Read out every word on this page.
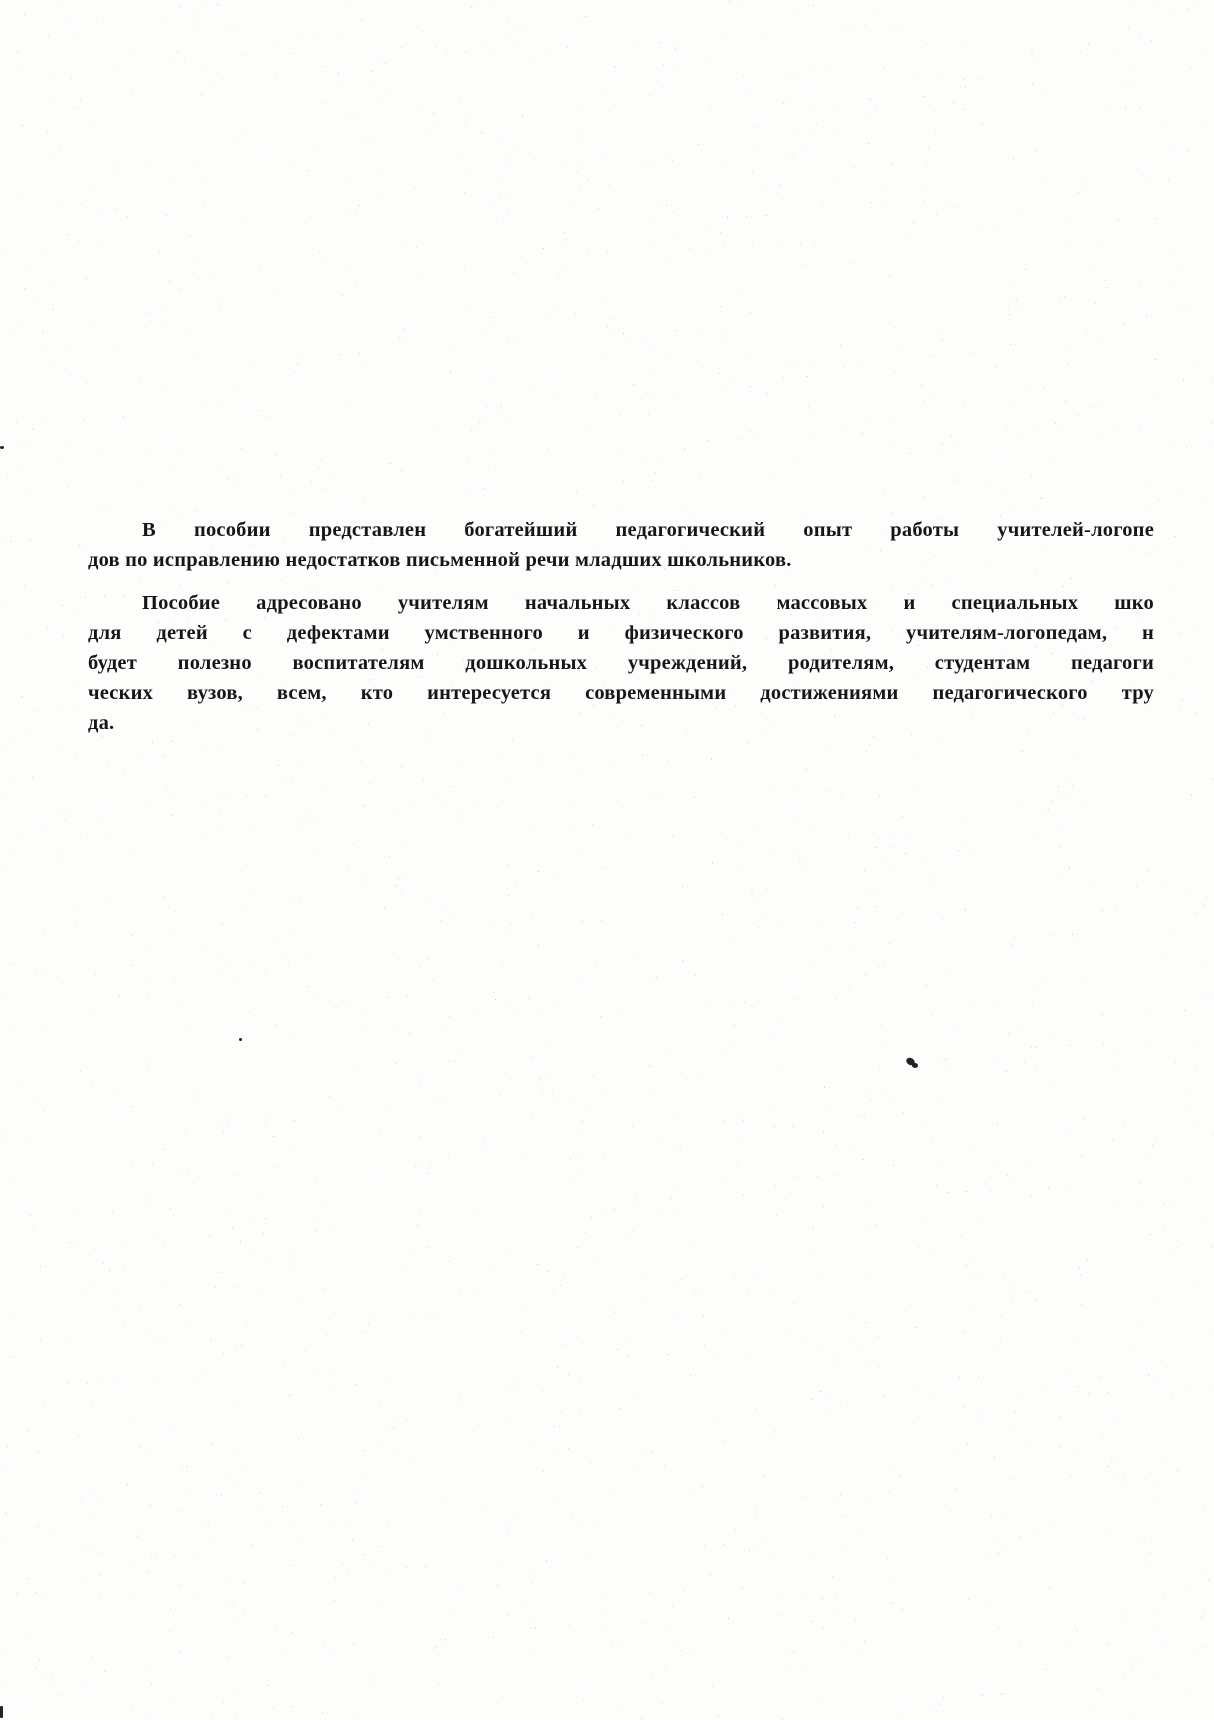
В пособии представлен богатейший педагогический опыт работы учителей-логопе
дов по исправлению недостатков письменной речи младших школьников.
Пособие адресовано учителям начальных классов массовых и специальных шко
для детей с дефектами умственного и физического развития, учителям-логопедам, н
будет полезно воспитателям дошкольных учреждений, родителям, студентам педагоги
ческих вузов, всем, кто интересуется современными достижениями педагогического тру
да.
